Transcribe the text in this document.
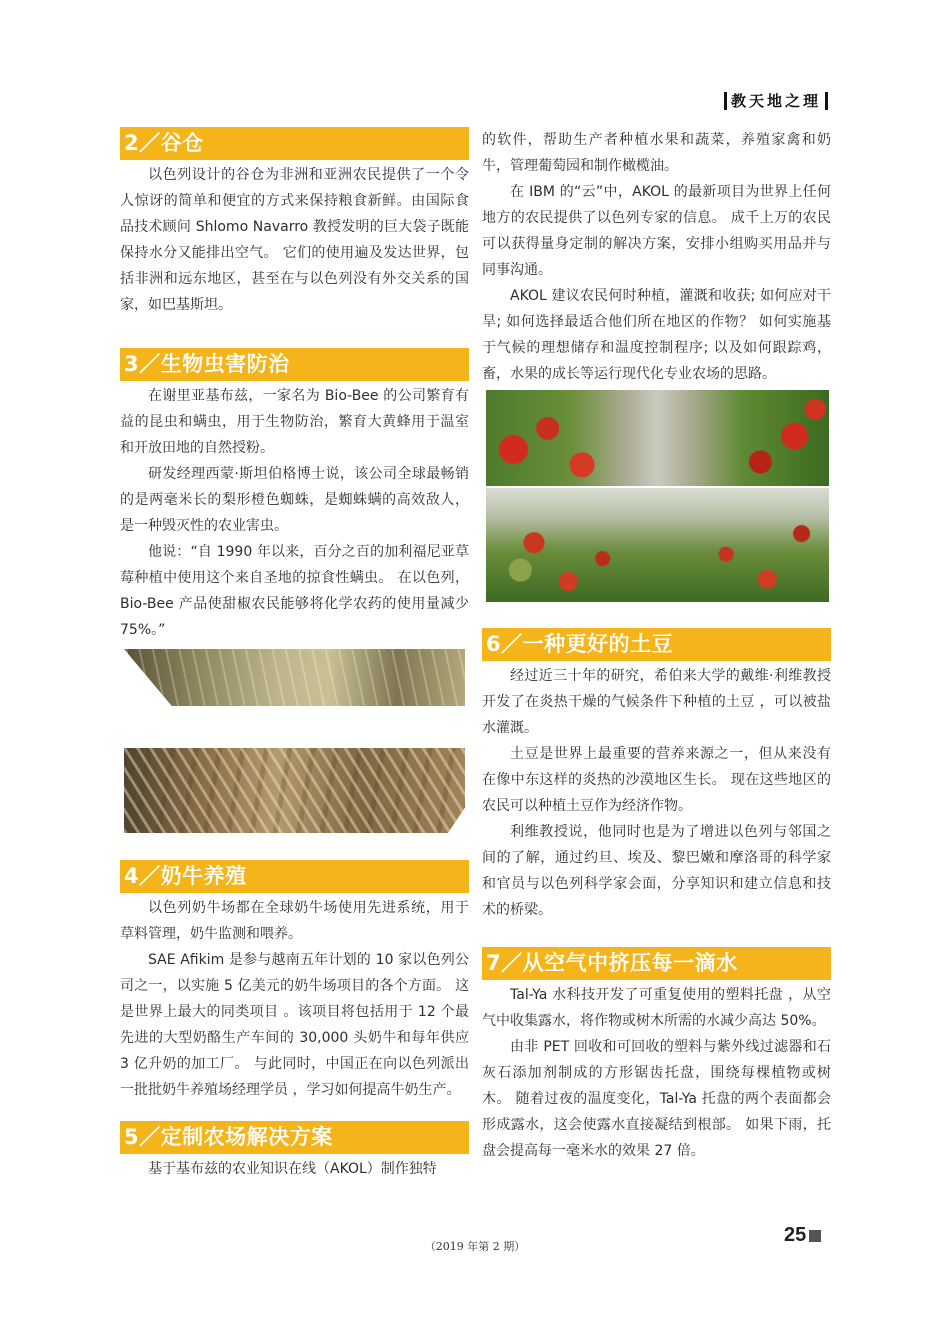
教天地之理
2／谷仓

以色列设计的谷仓为非洲和亚洲农民提供了一个令人惊讶的简单和便宜的方式来保持粮食新鲜。由国际食品技术顾问 Shlomo Navarro 教授发明的巨大袋子既能保持水分又能排出空气。 它们的使用遍及发达世界，包括非洲和远东地区，甚至在与以色列没有外交关系的国家，如巴基斯坦。

3／生物虫害防治

在谢里亚基布兹，一家名为 Bio-Bee 的公司繁育有益的昆虫和螨虫，用于生物防治，繁育大黄蜂用于温室和开放田地的自然授粉。

研发经理西蒙·斯坦伯格博士说，该公司全球最畅销的是两毫米长的梨形橙色蜘蛛，是蜘蛛螨的高效敌人，是一种毁灭性的农业害虫。

他说：“自 1990 年以来，百分之百的加利福尼亚草莓种植中使用这个来自圣地的掠食性螨虫。 在以色列，Bio-Bee 产品使甜椒农民能够将化学农药的使用量减少 75%。”

4／奶牛养殖

以色列奶牛场都在全球奶牛场使用先进系统，用于草料管理，奶牛监测和喂养。

SAE Afikim 是参与越南五年计划的 10 家以色列公司之一，以实施 5 亿美元的奶牛场项目的各个方面。 这是世界上最大的同类项目 。该项目将包括用于 12 个最先进的大型奶酪生产车间的 30,000 头奶牛和每年供应 3 亿升奶的加工厂。 与此同时，中国正在向以色列派出一批批奶牛养殖场经理学员 ，学习如何提高牛奶生产。

5／定制农场解决方案

基于基布兹的农业知识在线（AKOL）制作独特

的软件，帮助生产者种植水果和蔬菜，养殖家禽和奶牛，管理葡萄园和制作橄榄油。

在 IBM 的“云”中，AKOL 的最新项目为世界上任何地方的农民提供了以色列专家的信息。 成千上万的农民可以获得量身定制的解决方案，安排小组购买用品并与同事沟通。

AKOL 建议农民何时种植，灌溉和收获; 如何应对干旱; 如何选择最适合他们所在地区的作物？ 如何实施基于气候的理想储存和温度控制程序; 以及如何跟踪鸡，畜，水果的成长等运行现代化专业农场的思路。

6／一种更好的土豆

经过近三十年的研究，希伯来大学的戴维·利维教授开发了在炎热干燥的气候条件下种植的土豆 ，可以被盐水灌溉。

土豆是世界上最重要的营养来源之一，但从来没有在像中东这样的炎热的沙漠地区生长。 现在这些地区的农民可以种植土豆作为经济作物。

利维教授说，他同时也是为了增进以色列与邻国之间的了解，通过约旦、埃及、黎巴嫩和摩洛哥的科学家和官员与以色列科学家会面，分享知识和建立信息和技术的桥梁。

7／从空气中挤压每一滴水

Tal-Ya 水科技开发了可重复使用的塑料托盘 ，从空气中收集露水，将作物或树木所需的水减少高达 50%。

由非 PET 回收和可回收的塑料与紫外线过滤器和石灰石添加剂制成的方形锯齿托盘，围绕每棵植物或树木。 随着过夜的温度变化，Tal-Ya 托盘的两个表面都会形成露水，这会使露水直接凝结到根部。 如果下雨，托盘会提高每一毫米水的效果 27 倍。

（2019 年第 2 期）
25
